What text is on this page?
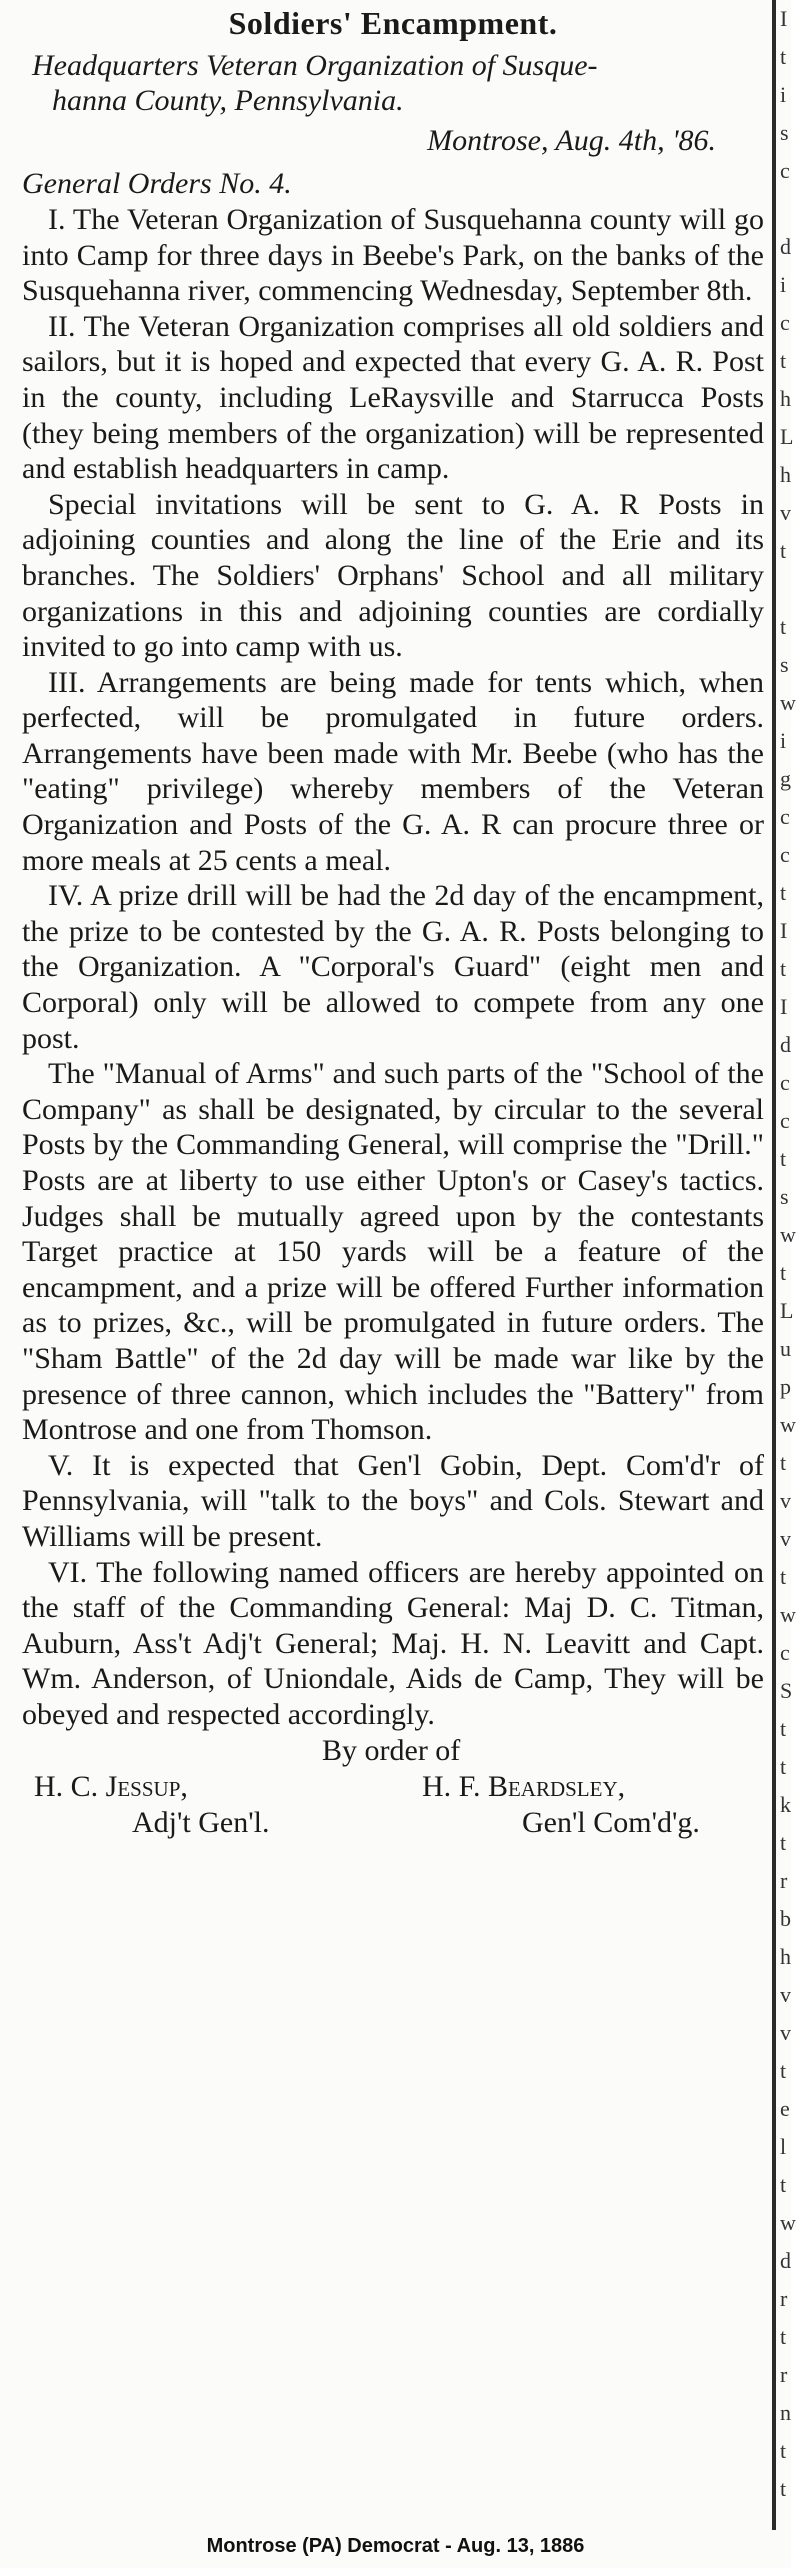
Soldiers' Encampment.
Headquarters Veteran Organization of Susque-
hanna County, Pennsylvania.
Montrose, Aug. 4th, '86.
General Orders No. 4.

I. The Veteran Organization of Susquehanna county will go into Camp for three days in Beebe's Park, on the banks of the Susquehanna river, commencing Wednesday, September 8th.

II. The Veteran Organization comprises all old soldiers and sailors, but it is hoped and expected that every G. A. R. Post in the county, including LeRaysville and Starrucca Posts (they being members of the organization) will be represented and establish headquarters in camp.

Special invitations will be sent to G. A. R Posts in adjoining counties and along the line of the Erie and its branches. The Soldiers' Orphans' School and all military organizations in this and adjoining counties are cordially invited to go into camp with us.

III. Arrangements are being made for tents which, when perfected, will be promulgated in future orders. Arrangements have been made with Mr. Beebe (who has the "eating" privilege) whereby members of the Veteran Organization and Posts of the G. A. R can procure three or more meals at 25 cents a meal.

IV. A prize drill will be had the 2d day of the encampment, the prize to be contested by the G. A. R. Posts belonging to the Organization. A "Corporal's Guard" (eight men and Corporal) only will be allowed to compete from any one post.

The "Manual of Arms" and such parts of the "School of the Company" as shall be designated, by circular to the several Posts by the Commanding General, will comprise the "Drill." Posts are at liberty to use either Upton's or Casey's tactics. Judges shall be mutually agreed upon by the contestants Target practice at 150 yards will be a feature of the encampment, and a prize will be offered Further information as to prizes, &c., will be promulgated in future orders. The "Sham Battle" of the 2d day will be made war like by the presence of three cannon, which includes the "Battery" from Montrose and one from Thomson.

V. It is expected that Gen'l Gobin, Dept. Com'd'r of Pennsylvania, will "talk to the boys" and Cols. Stewart and Williams will be present.

VI. The following named officers are hereby appointed on the staff of the Commanding General: Maj D. C. Titman, Auburn, Ass't Adj't General; Maj. H. N. Leavitt and Capt. Wm. Anderson, of Uniondale, Aids de Camp, They will be obeyed and respected accordingly.

By order of
H. C. Jessup,	H. F. Beardsley,
Adj't Gen'l.	Gen'l Com'd'g.
I
t
i
s
c

d
i
c
t
h
L
h
v
t

t
s
w
i
g
c
c
t
I
t
I
d
c
c
t
s
w
t
L
u
p
w
t
v
v
t
w
c
S
t
t
k
t
r
b
h
v
v
t
e
l
t
w
d
r
t
r
n
t
t
Montrose (PA) Democrat - Aug. 13, 1886
